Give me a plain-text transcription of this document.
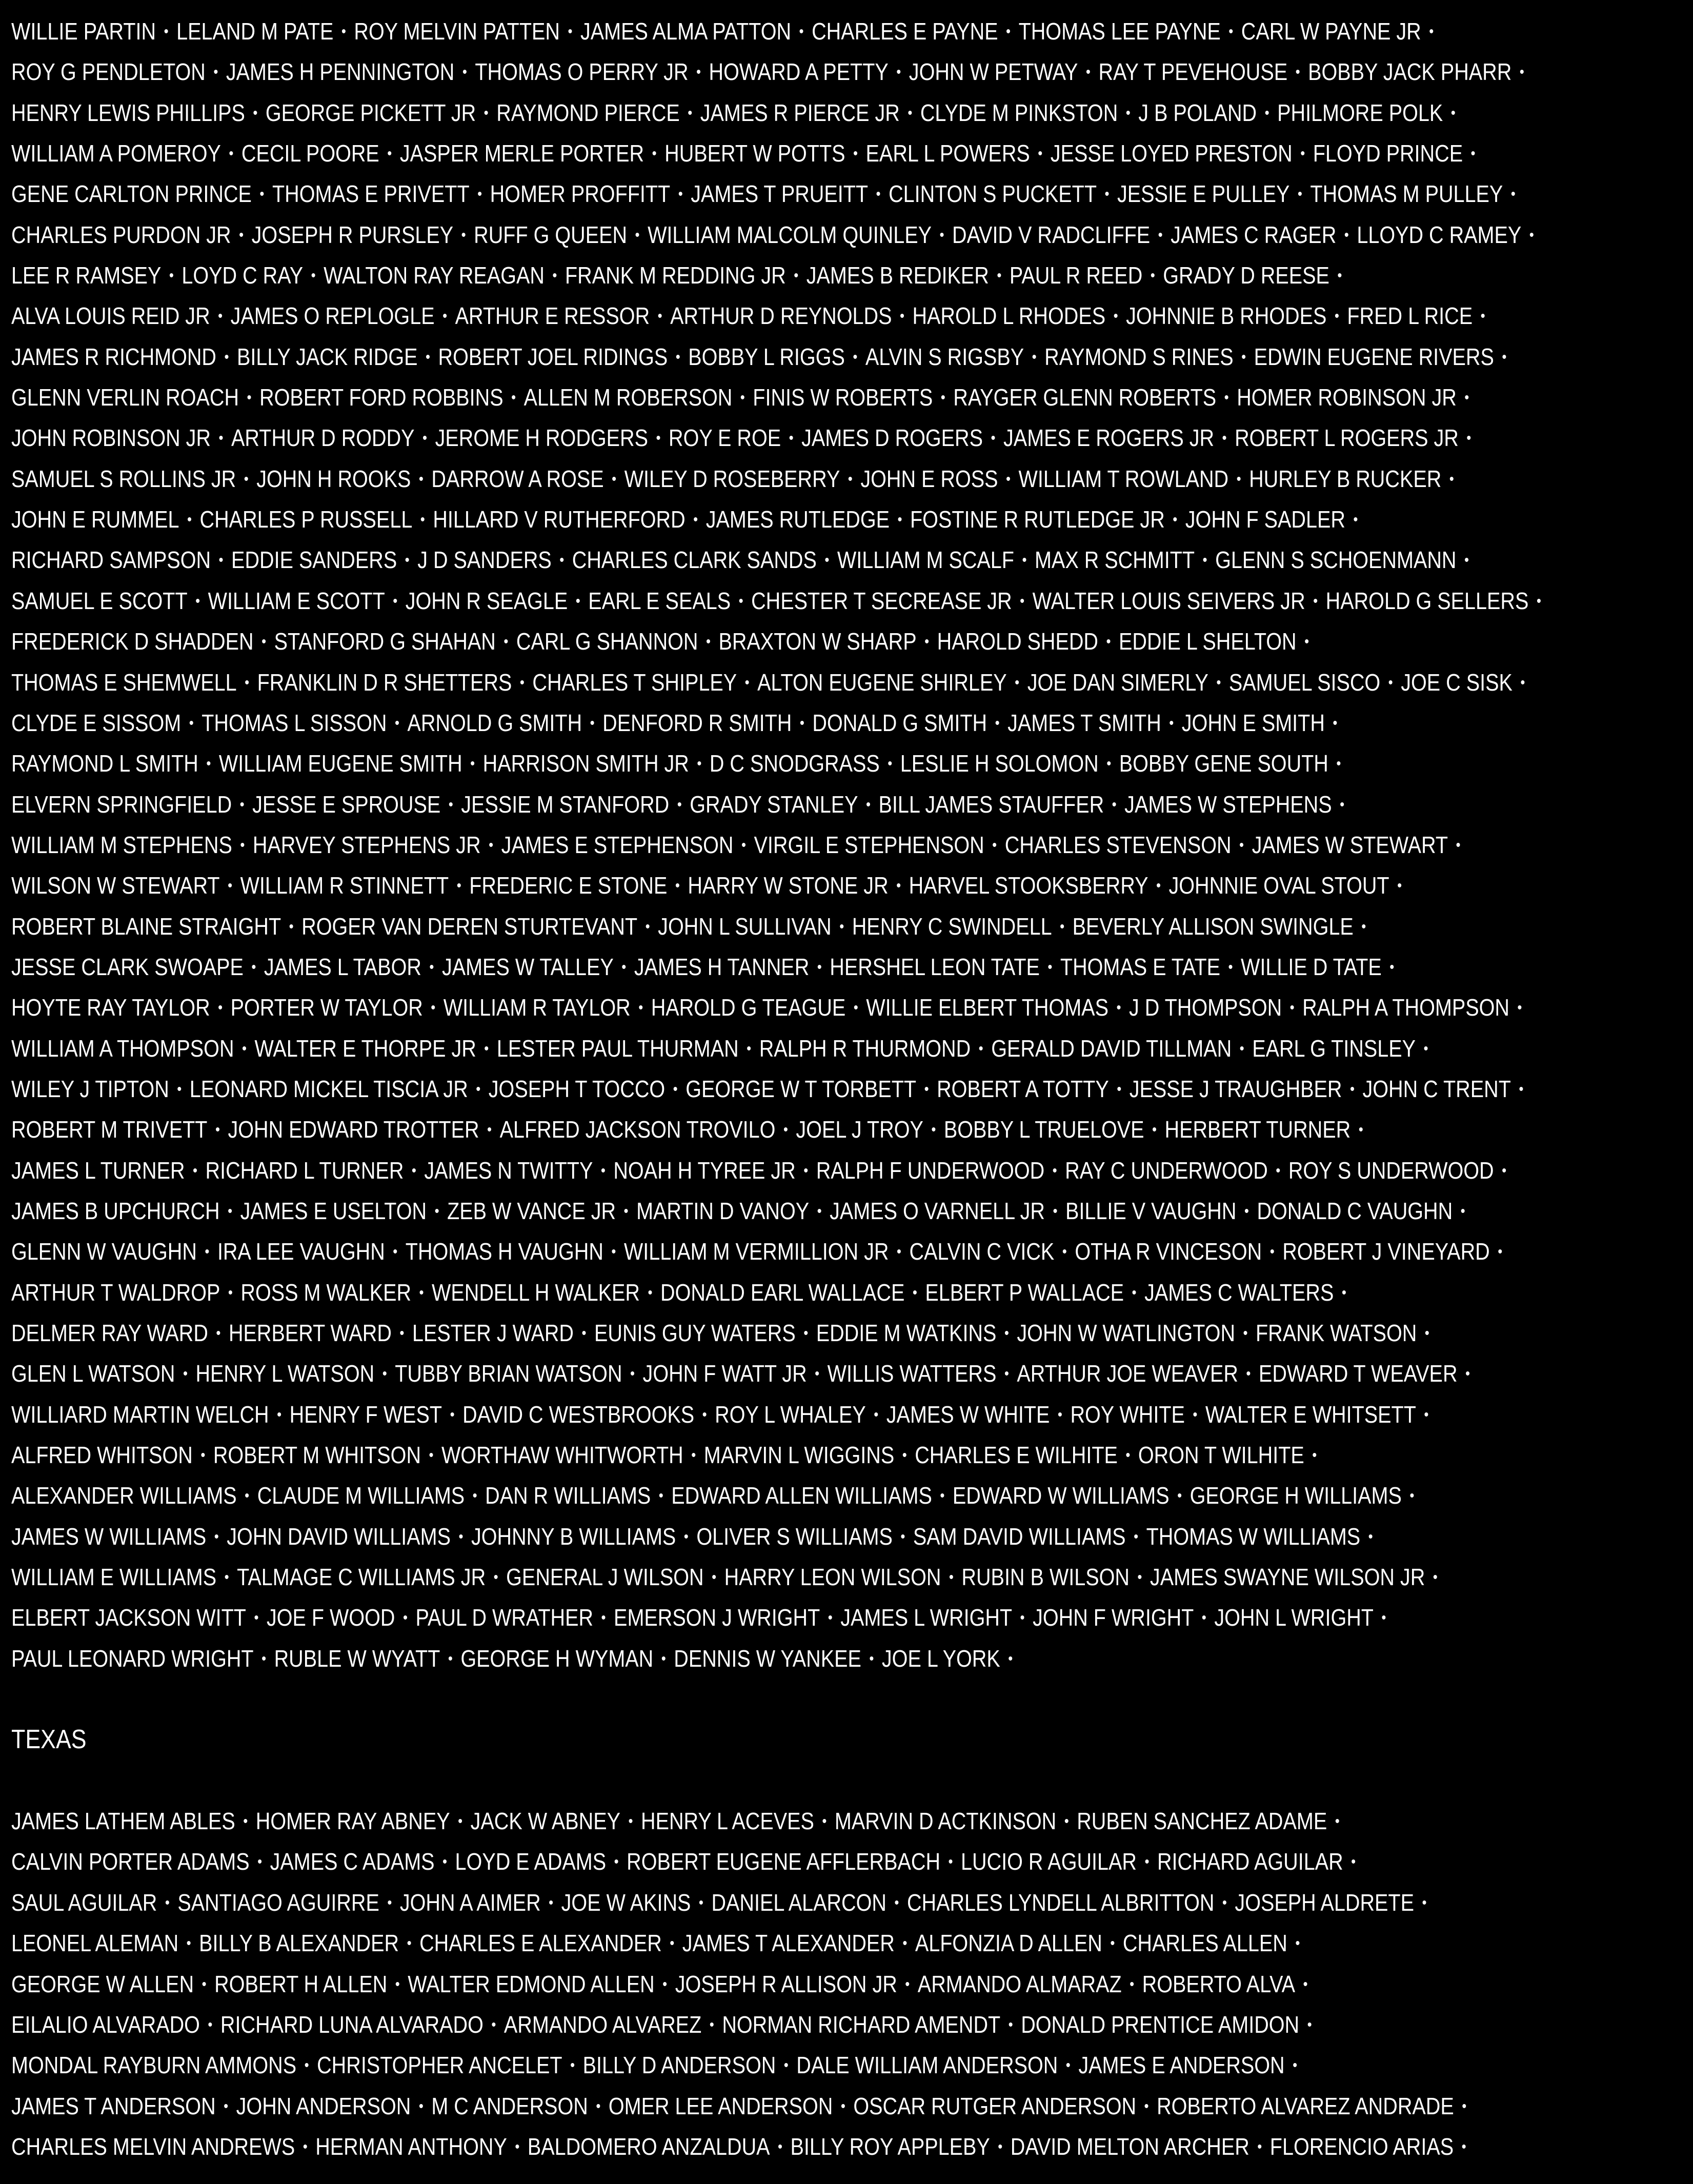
WILLIE PARTIN • LELAND M PATE • ROY MELVIN PATTEN • JAMES ALMA PATTON • CHARLES E PAYNE • THOMAS LEE PAYNE • CARL W PAYNE JR •
ROY G PENDLETON • JAMES H PENNINGTON • THOMAS O PERRY JR • HOWARD A PETTY • JOHN W PETWAY • RAY T PEVEHOUSE • BOBBY JACK PHARR •
HENRY LEWIS PHILLIPS • GEORGE PICKETT JR • RAYMOND PIERCE • JAMES R PIERCE JR • CLYDE M PINKSTON • J B POLAND • PHILMORE POLK •
WILLIAM A POMEROY • CECIL POORE • JASPER MERLE PORTER • HUBERT W POTTS • EARL L POWERS • JESSE LOYED PRESTON • FLOYD PRINCE •
GENE CARLTON PRINCE • THOMAS E PRIVETT • HOMER PROFFITT • JAMES T PRUEITT • CLINTON S PUCKETT • JESSIE E PULLEY • THOMAS M PULLEY •
CHARLES PURDON JR • JOSEPH R PURSLEY • RUFF G QUEEN • WILLIAM MALCOLM QUINLEY • DAVID V RADCLIFFE • JAMES C RAGER • LLOYD C RAMEY •
LEE R RAMSEY • LOYD C RAY • WALTON RAY REAGAN • FRANK M REDDING JR • JAMES B REDIKER • PAUL R REED • GRADY D REESE •
ALVA LOUIS REID JR • JAMES O REPLOGLE • ARTHUR E RESSOR • ARTHUR D REYNOLDS • HAROLD L RHODES • JOHNNIE B RHODES • FRED L RICE •
JAMES R RICHMOND • BILLY JACK RIDGE • ROBERT JOEL RIDINGS • BOBBY L RIGGS • ALVIN S RIGSBY • RAYMOND S RINES • EDWIN EUGENE RIVERS •
GLENN VERLIN ROACH • ROBERT FORD ROBBINS • ALLEN M ROBERSON • FINIS W ROBERTS • RAYGER GLENN ROBERTS • HOMER ROBINSON JR •
JOHN ROBINSON JR • ARTHUR D RODDY • JEROME H RODGERS • ROY E ROE • JAMES D ROGERS • JAMES E ROGERS JR • ROBERT L ROGERS JR •
SAMUEL S ROLLINS JR • JOHN H ROOKS • DARROW A ROSE • WILEY D ROSEBERRY • JOHN E ROSS • WILLIAM T ROWLAND • HURLEY B RUCKER •
JOHN E RUMMEL • CHARLES P RUSSELL • HILLARD V RUTHERFORD • JAMES RUTLEDGE • FOSTINE R RUTLEDGE JR • JOHN F SADLER •
RICHARD SAMPSON • EDDIE SANDERS • J D SANDERS • CHARLES CLARK SANDS • WILLIAM M SCALF • MAX R SCHMITT • GLENN S SCHOENMANN •
SAMUEL E SCOTT • WILLIAM E SCOTT • JOHN R SEAGLE • EARL E SEALS • CHESTER T SECREASE JR • WALTER LOUIS SEIVERS JR • HAROLD G SELLERS •
FREDERICK D SHADDEN • STANFORD G SHAHAN • CARL G SHANNON • BRAXTON W SHARP • HAROLD SHEDD • EDDIE L SHELTON •
THOMAS E SHEMWELL • FRANKLIN D R SHETTERS • CHARLES T SHIPLEY • ALTON EUGENE SHIRLEY • JOE DAN SIMERLY • SAMUEL SISCO • JOE C SISK •
CLYDE E SISSOM • THOMAS L SISSON • ARNOLD G SMITH • DENFORD R SMITH • DONALD G SMITH • JAMES T SMITH • JOHN E SMITH •
RAYMOND L SMITH • WILLIAM EUGENE SMITH • HARRISON SMITH JR • D C SNODGRASS • LESLIE H SOLOMON • BOBBY GENE SOUTH •
ELVERN SPRINGFIELD • JESSE E SPROUSE • JESSIE M STANFORD • GRADY STANLEY • BILL JAMES STAUFFER • JAMES W STEPHENS •
WILLIAM M STEPHENS • HARVEY STEPHENS JR • JAMES E STEPHENSON • VIRGIL E STEPHENSON • CHARLES STEVENSON • JAMES W STEWART •
WILSON W STEWART • WILLIAM R STINNETT • FREDERIC E STONE • HARRY W STONE JR • HARVEL STOOKSBERRY • JOHNNIE OVAL STOUT •
ROBERT BLAINE STRAIGHT • ROGER VAN DEREN STURTEVANT • JOHN L SULLIVAN • HENRY C SWINDELL • BEVERLY ALLISON SWINGLE •
JESSE CLARK SWOAPE • JAMES L TABOR • JAMES W TALLEY • JAMES H TANNER • HERSHEL LEON TATE • THOMAS E TATE • WILLIE D TATE •
HOYTE RAY TAYLOR • PORTER W TAYLOR • WILLIAM R TAYLOR • HAROLD G TEAGUE • WILLIE ELBERT THOMAS • J D THOMPSON • RALPH A THOMPSON •
WILLIAM A THOMPSON • WALTER E THORPE JR • LESTER PAUL THURMAN • RALPH R THURMOND • GERALD DAVID TILLMAN • EARL G TINSLEY •
WILEY J TIPTON • LEONARD MICKEL TISCIA JR • JOSEPH T TOCCO • GEORGE W T TORBETT • ROBERT A TOTTY • JESSE J TRAUGHBER • JOHN C TRENT •
ROBERT M TRIVETT • JOHN EDWARD TROTTER • ALFRED JACKSON TROVILO • JOEL J TROY • BOBBY L TRUELOVE • HERBERT TURNER •
JAMES L TURNER • RICHARD L TURNER • JAMES N TWITTY • NOAH H TYREE JR • RALPH F UNDERWOOD • RAY C UNDERWOOD • ROY S UNDERWOOD •
JAMES B UPCHURCH • JAMES E USELTON • ZEB W VANCE JR • MARTIN D VANOY • JAMES O VARNELL JR • BILLIE V VAUGHN • DONALD C VAUGHN •
GLENN W VAUGHN • IRA LEE VAUGHN • THOMAS H VAUGHN • WILLIAM M VERMILLION JR • CALVIN C VICK • OTHA R VINCESON • ROBERT J VINEYARD •
ARTHUR T WALDROP • ROSS M WALKER • WENDELL H WALKER • DONALD EARL WALLACE • ELBERT P WALLACE • JAMES C WALTERS •
DELMER RAY WARD • HERBERT WARD • LESTER J WARD • EUNIS GUY WATERS • EDDIE M WATKINS • JOHN W WATLINGTON • FRANK WATSON •
GLEN L WATSON • HENRY L WATSON • TUBBY BRIAN WATSON • JOHN F WATT JR • WILLIS WATTERS • ARTHUR JOE WEAVER • EDWARD T WEAVER •
WILLIARD MARTIN WELCH • HENRY F WEST • DAVID C WESTBROOKS • ROY L WHALEY • JAMES W WHITE • ROY WHITE • WALTER E WHITSETT •
ALFRED WHITSON • ROBERT M WHITSON • WORTHAW WHITWORTH • MARVIN L WIGGINS • CHARLES E WILHITE • ORON T WILHITE •
ALEXANDER WILLIAMS • CLAUDE M WILLIAMS • DAN R WILLIAMS • EDWARD ALLEN WILLIAMS • EDWARD W WILLIAMS • GEORGE H WILLIAMS •
JAMES W WILLIAMS • JOHN DAVID WILLIAMS • JOHNNY B WILLIAMS • OLIVER S WILLIAMS • SAM DAVID WILLIAMS • THOMAS W WILLIAMS •
WILLIAM E WILLIAMS • TALMAGE C WILLIAMS JR • GENERAL J WILSON • HARRY LEON WILSON • RUBIN B WILSON • JAMES SWAYNE WILSON JR •
ELBERT JACKSON WITT • JOE F WOOD • PAUL D WRATHER • EMERSON J WRIGHT • JAMES L WRIGHT • JOHN F WRIGHT • JOHN L WRIGHT •
PAUL LEONARD WRIGHT • RUBLE W WYATT • GEORGE H WYMAN • DENNIS W YANKEE • JOE L YORK •
TEXAS
JAMES LATHEM ABLES • HOMER RAY ABNEY • JACK W ABNEY • HENRY L ACEVES • MARVIN D ACTKINSON • RUBEN SANCHEZ ADAME •
CALVIN PORTER ADAMS • JAMES C ADAMS • LOYD E ADAMS • ROBERT EUGENE AFFLERBACH • LUCIO R AGUILAR • RICHARD AGUILAR •
SAUL AGUILAR • SANTIAGO AGUIRRE • JOHN A AIMER • JOE W AKINS • DANIEL ALARCON • CHARLES LYNDELL ALBRITTON • JOSEPH ALDRETE •
LEONEL ALEMAN • BILLY B ALEXANDER • CHARLES E ALEXANDER • JAMES T ALEXANDER • ALFONZIA D ALLEN • CHARLES ALLEN •
GEORGE W ALLEN • ROBERT H ALLEN • WALTER EDMOND ALLEN • JOSEPH R ALLISON JR • ARMANDO ALMARAZ • ROBERTO ALVA •
EILALIO ALVARADO • RICHARD LUNA ALVARADO • ARMANDO ALVAREZ • NORMAN RICHARD AMENDT • DONALD PRENTICE AMIDON •
MONDAL RAYBURN AMMONS • CHRISTOPHER ANCELET • BILLY D ANDERSON • DALE WILLIAM ANDERSON • JAMES E ANDERSON •
JAMES T ANDERSON • JOHN ANDERSON • M C ANDERSON • OMER LEE ANDERSON • OSCAR RUTGER ANDERSON • ROBERTO ALVAREZ ANDRADE •
CHARLES MELVIN ANDREWS • HERMAN ANTHONY • BALDOMERO ANZALDUA • BILLY ROY APPLEBY • DAVID MELTON ARCHER • FLORENCIO ARIAS •
